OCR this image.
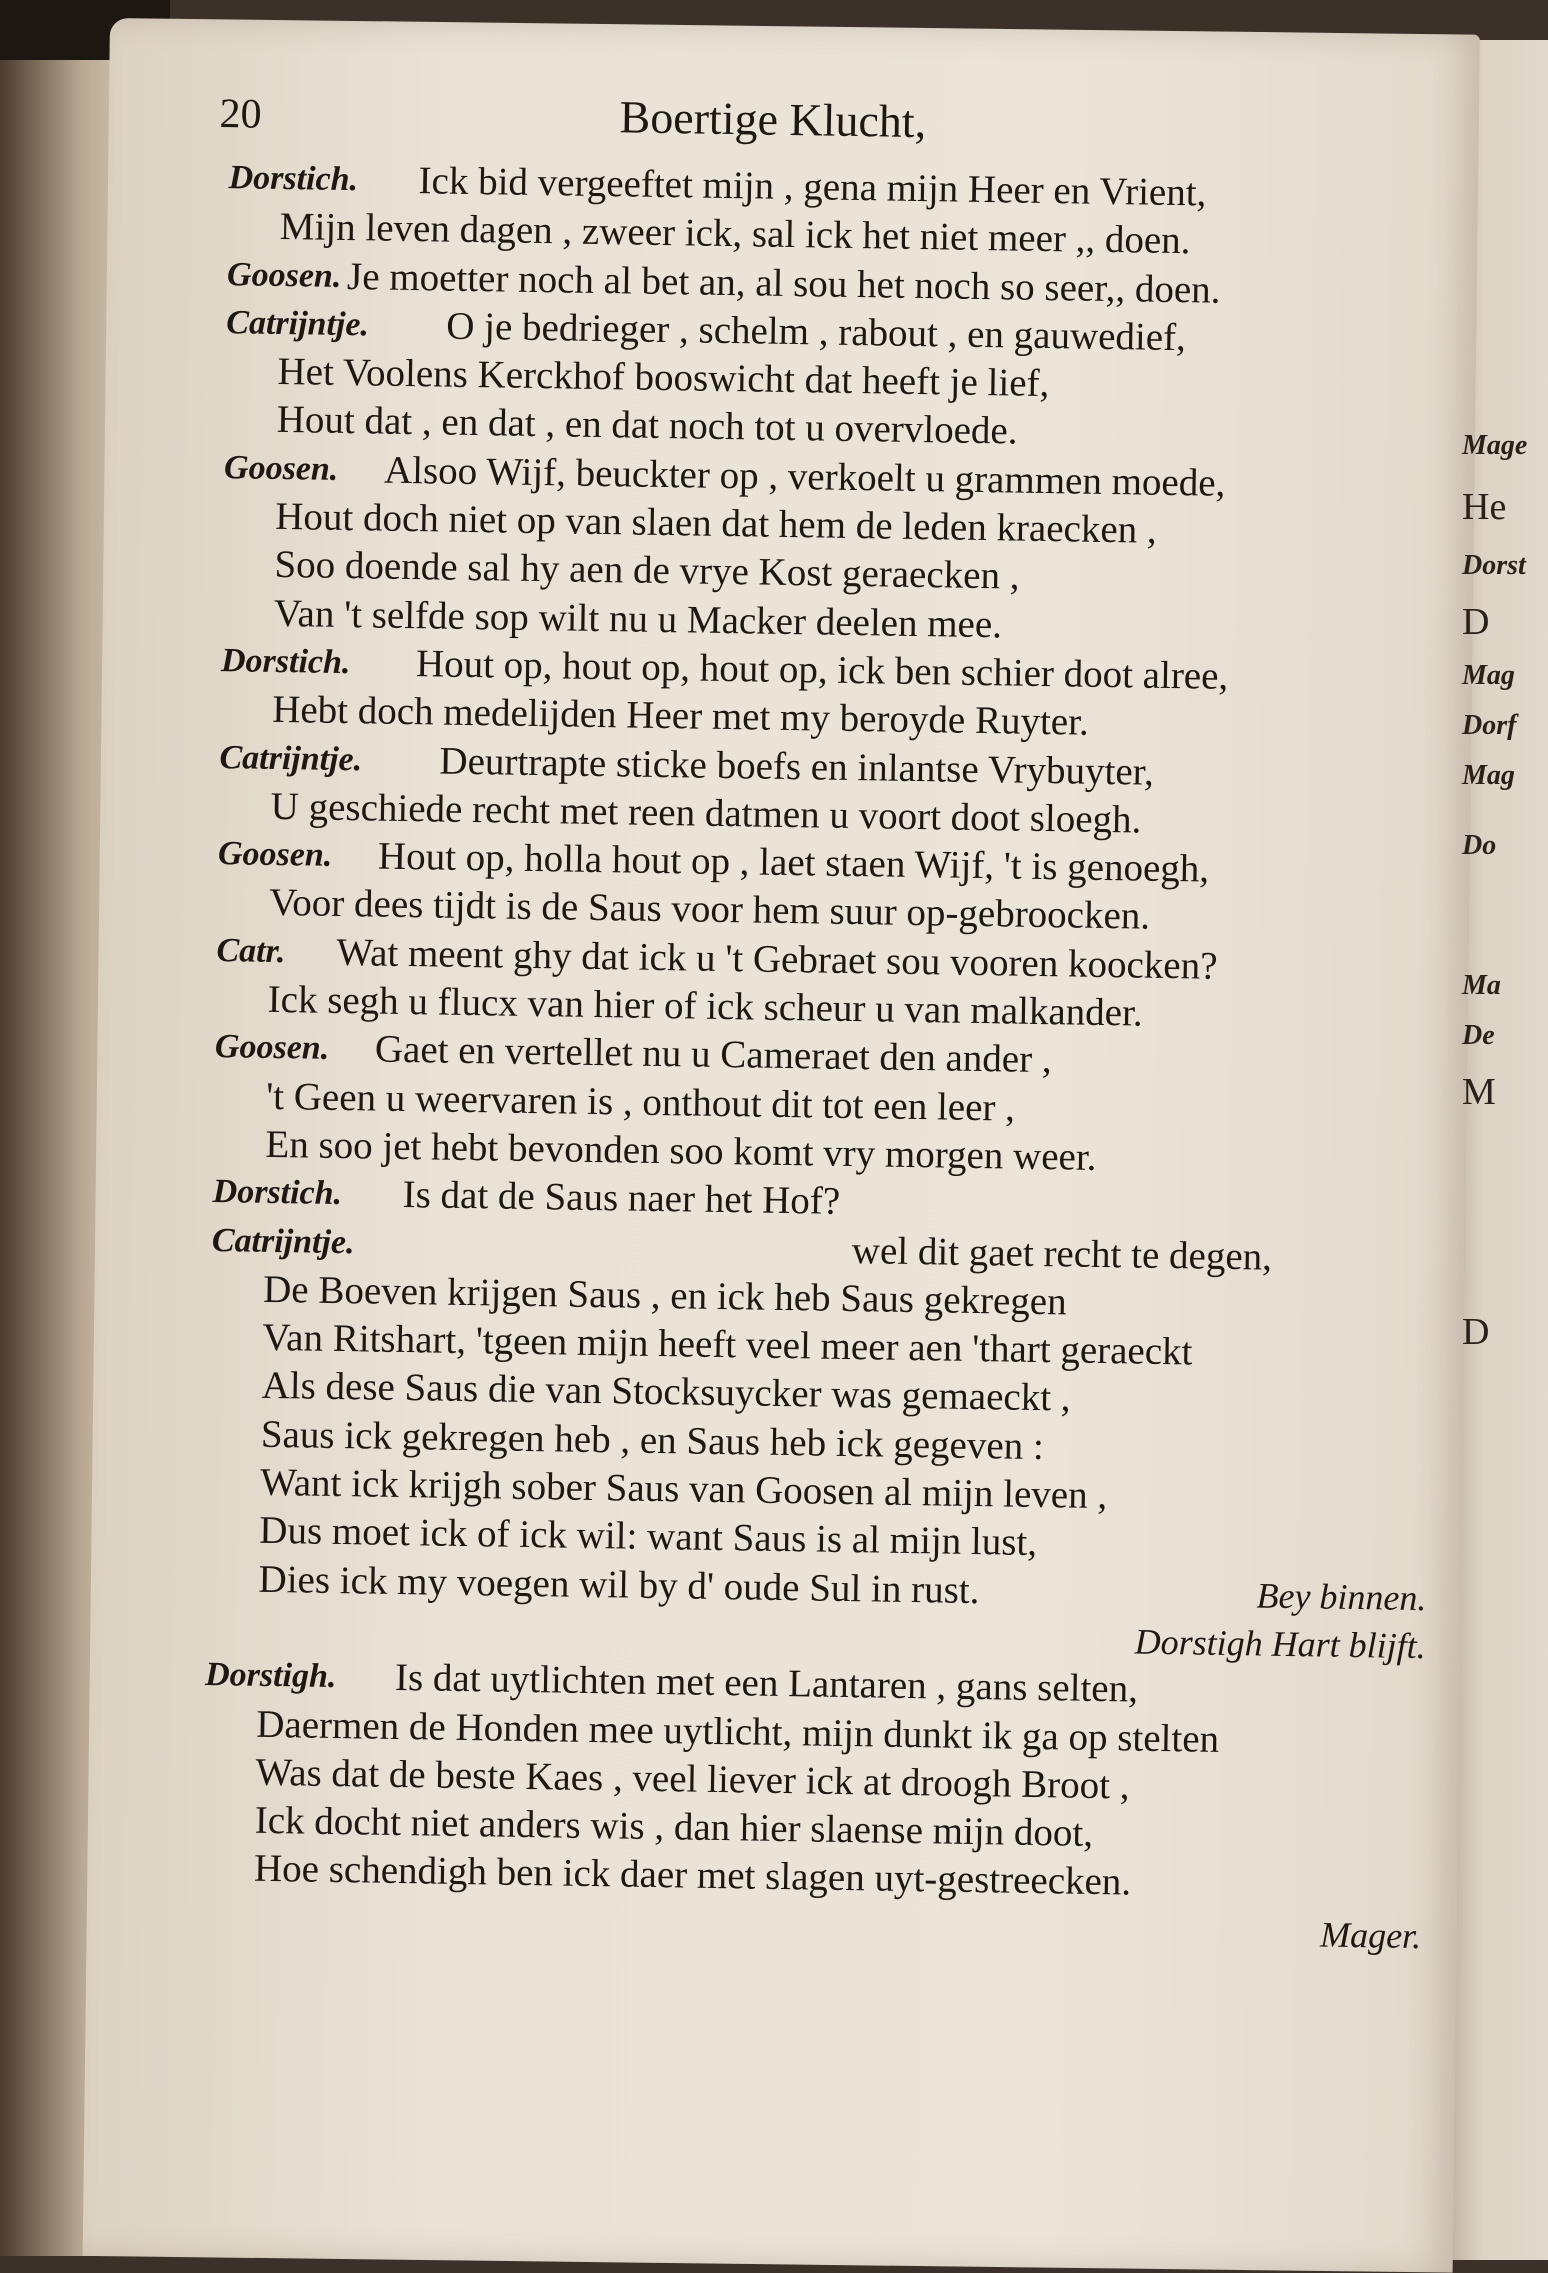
Mage
He
Dorst
D
Mag
Dorf
Mag
Do
Ma
De
M
D
20	Boertige Klucht,
Dorstich. Ick bid vergeeftet mijn , gena mijn Heer en Vrient,
Mijn leven dagen , zweer ick, sal ick het niet meer ,, doen.
Goosen. Je moetter noch al bet an, al sou het noch so seer,, doen.
Catrijntje. O je bedrieger , schelm , rabout , en gauwedief,
Het Voolens Kerckhof booswicht dat heeft je lief,
Hout dat , en dat , en dat noch tot u overvloede.
Goosen. Alsoo Wijf, beuckter op , verkoelt u grammen moede,
Hout doch niet op van slaen dat hem de leden kraecken ,
Soo doende sal hy aen de vrye Kost geraecken ,
Van 't selfde sop wilt nu u Macker deelen mee.
Dorstich. Hout op, hout op, hout op, ick ben schier doot alree,
Hebt doch medelijden Heer met my beroyde Ruyter.
Catrijntje. Deurtrapte sticke boefs en inlantse Vrybuyter,
U geschiede recht met reen datmen u voort doot sloegh.
Goosen. Hout op, holla hout op , laet staen Wijf, 't is genoegh,
Voor dees tijdt is de Saus voor hem suur op-gebroocken.
Catr. Wat meent ghy dat ick u 't Gebraet sou vooren koocken?
Ick segh u flucx van hier of ick scheur u van malkander.
Goosen. Gaet en vertellet nu u Cameraet den ander ,
't Geen u weervaren is , onthout dit tot een leer ,
En soo jet hebt bevonden soo komt vry morgen weer.
Dorstich. Is dat de Saus naer het Hof?
Catrijntje.	wel dit gaet recht te degen,
De Boeven krijgen Saus , en ick heb Saus gekregen
Van Ritshart, 'tgeen mijn heeft veel meer aen 'thart geraeckt
Als dese Saus die van Stocksuycker was gemaeckt ,
Saus ick gekregen heb , en Saus heb ick gegeven :
Want ick krijgh sober Saus van Goosen al mijn leven ,
Dus moet ick of ick wil: want Saus is al mijn lust,
Dies ick my voegen wil by d' oude Sul in rust.	Bey binnen.
Dorstigh Hart blijft.
Dorstigh. Is dat uytlichten met een Lantaren , gans selten,
Daermen de Honden mee uytlicht, mijn dunkt ik ga op stelten
Was dat de beste Kaes , veel liever ick at droogh Broot ,
Ick docht niet anders wis , dan hier slaense mijn doot,
Hoe schendigh ben ick daer met slagen uyt-gestreecken.
Mager.
